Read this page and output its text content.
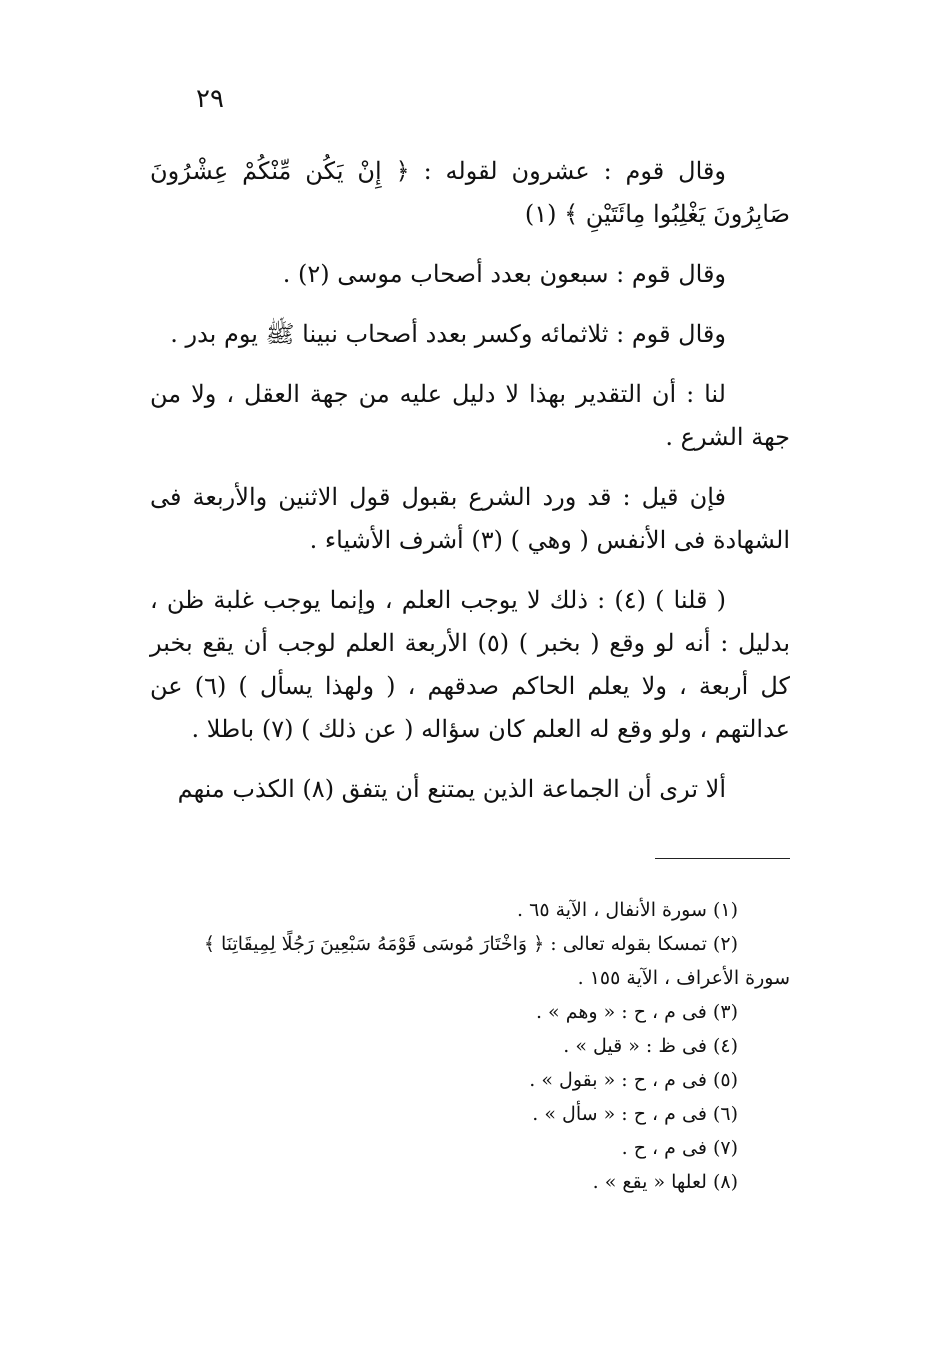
٢٩

وقال قوم : عشرون لقوله : ﴿ إِنْ يَكُن مِّنْكُمْ عِشْرُونَ صَابِرُونَ يَغْلِبُوا مِائَتَيْنِ ﴾ (١)

وقال قوم : سبعون بعدد أصحاب موسى (٢) .

وقال قوم : ثلاثمائه وكسر بعدد أصحاب نبينا ﷺ يوم بدر .

لنا : أن التقدير بهذا لا دليل عليه من جهة العقل ، ولا من جهة الشرع .

فإن قيل : قد ورد الشرع بقبول قول الاثنين والأربعة فى الشهادة فى الأنفس ( وهي ) (٣) أشرف الأشياء .

( قلنا ) (٤) : ذلك لا يوجب العلم ، وإنما يوجب غلبة ظن ، بدليل : أنه لو وقع ( بخبر ) (٥) الأربعة العلم لوجب أن يقع بخبر كل أربعة ، ولا يعلم الحاكم صدقهم ، ( ولهذا يسأل ) (٦) عن عدالتهم ، ولو وقع له العلم كان سؤاله ( عن ذلك ) (٧) باطلا .

ألا ترى أن الجماعة الذين يمتنع أن يتفق (٨) الكذب منهم

(١) سورة الأنفال ، الآية ٦٥ .
(٢) تمسكا بقوله تعالى : ﴿ وَاخْتَارَ مُوسَى قَوْمَهُ سَبْعِينَ رَجُلًا لِمِيقَاتِنَا ﴾
سورة الأعراف ، الآية ١٥٥ .
(٣) فى م ، ح : « وهم » .
(٤) فى ظ : « قيل » .
(٥) فى م ، ح : « بقول » .
(٦) فى م ، ح : « سأل » .
(٧) فى م ، ح .
(٨) لعلها « يقع » .
